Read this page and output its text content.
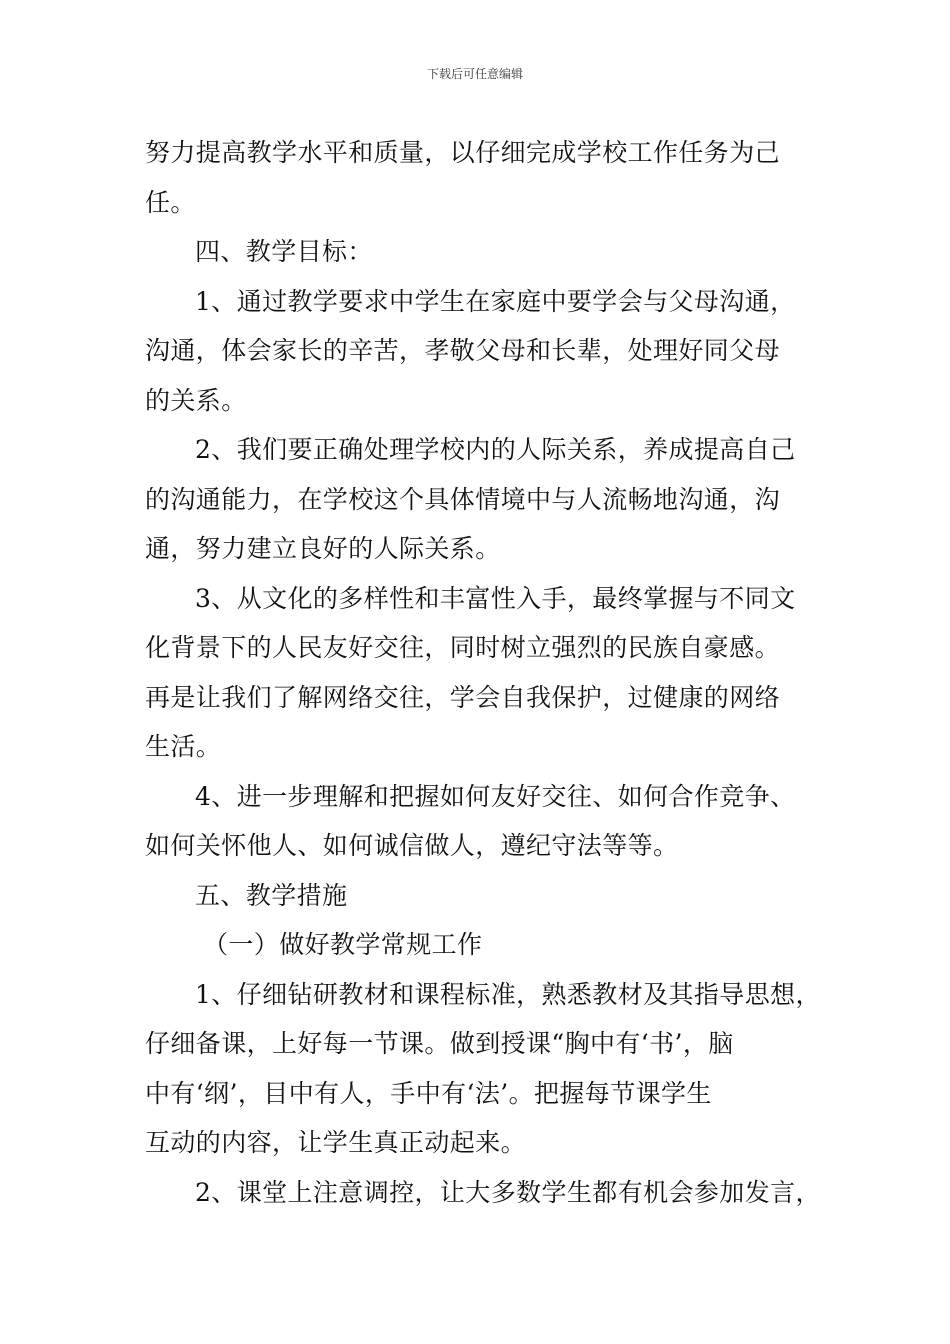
下载后可任意编辑
努力提高教学水平和质量，以仔细完成学校工作任务为己
任。
四、教学目标：
1、通过教学要求中学生在家庭中要学会与父母沟通，
沟通，体会家长的辛苦，孝敬父母和长辈，处理好同父母
的关系。
2、我们要正确处理学校内的人际关系，养成提高自己
的沟通能力，在学校这个具体情境中与人流畅地沟通，沟
通，努力建立良好的人际关系。
3、从文化的多样性和丰富性入手，最终掌握与不同文
化背景下的人民友好交往，同时树立强烈的民族自豪感。
再是让我们了解网络交往，学会自我保护，过健康的网络
生活。
4、进一步理解和把握如何友好交往、如何合作竞争、
如何关怀他人、如何诚信做人，遵纪守法等等。
五、教学措施
（一）做好教学常规工作
1、仔细钻研教材和课程标准，熟悉教材及其指导思想，
仔细备课，上好每一节课。做到授课“胸中有‘书’，脑
中有‘纲’，目中有人，手中有‘法’。把握每节课学生
互动的内容，让学生真正动起来。
2、课堂上注意调控，让大多数学生都有机会参加发言，
